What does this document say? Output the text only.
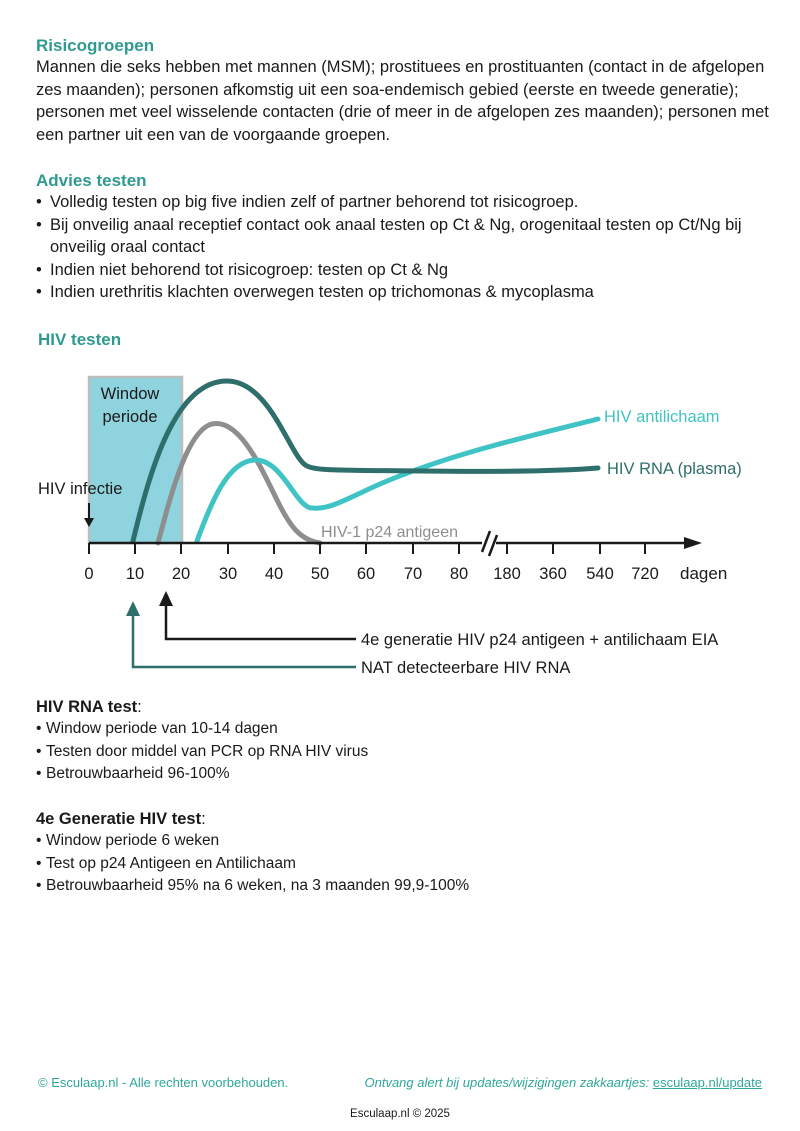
Risicogroepen

Mannen die seks hebben met mannen (MSM); prostituees en prostituanten (contact in de afgelopen zes maanden); personen afkomstig uit een soa-endemisch gebied (eerste en tweede generatie); personen met veel wisselende contacten (drie of meer in de afgelopen zes maanden); personen met een partner uit een van de voorgaande groepen.

Advies testen
• Volledig testen op big five indien zelf of partner behorend tot risicogroep.
• Bij onveilig anaal receptief contact ook anaal testen op Ct & Ng, orogenitaal testen op Ct/Ng bij onveilig oraal contact
• Indien niet behorend tot risicogroep: testen op Ct & Ng
• Indien urethritis klachten overwegen testen op trichomonas & mycoplasma
HIV testen
Window
periode
HIV infectie
0 10 20 30 40 50 60 70 80 180 360 540 720 dagen
HIV antilichaam
HIV RNA (plasma)
HIV-1 p24 antigeen
4e generatie HIV p24 antigeen + antilichaam EIA
NAT detecteerbare HIV RNA
HIV RNA test:
• Window periode van 10-14 dagen
• Testen door middel van PCR op RNA HIV virus
• Betrouwbaarheid 96-100%
4e Generatie HIV test:
• Window periode 6 weken
• Test op p24 Antigeen en Antilichaam
• Betrouwbaarheid 95% na 6 weken, na 3 maanden 99,9-100%
© Esculaap.nl - Alle rechten voorbehouden.	Ontvang alert bij updates/wijzigingen zakkaartjes: esculaap.nl/update
Esculaap.nl © 2025
